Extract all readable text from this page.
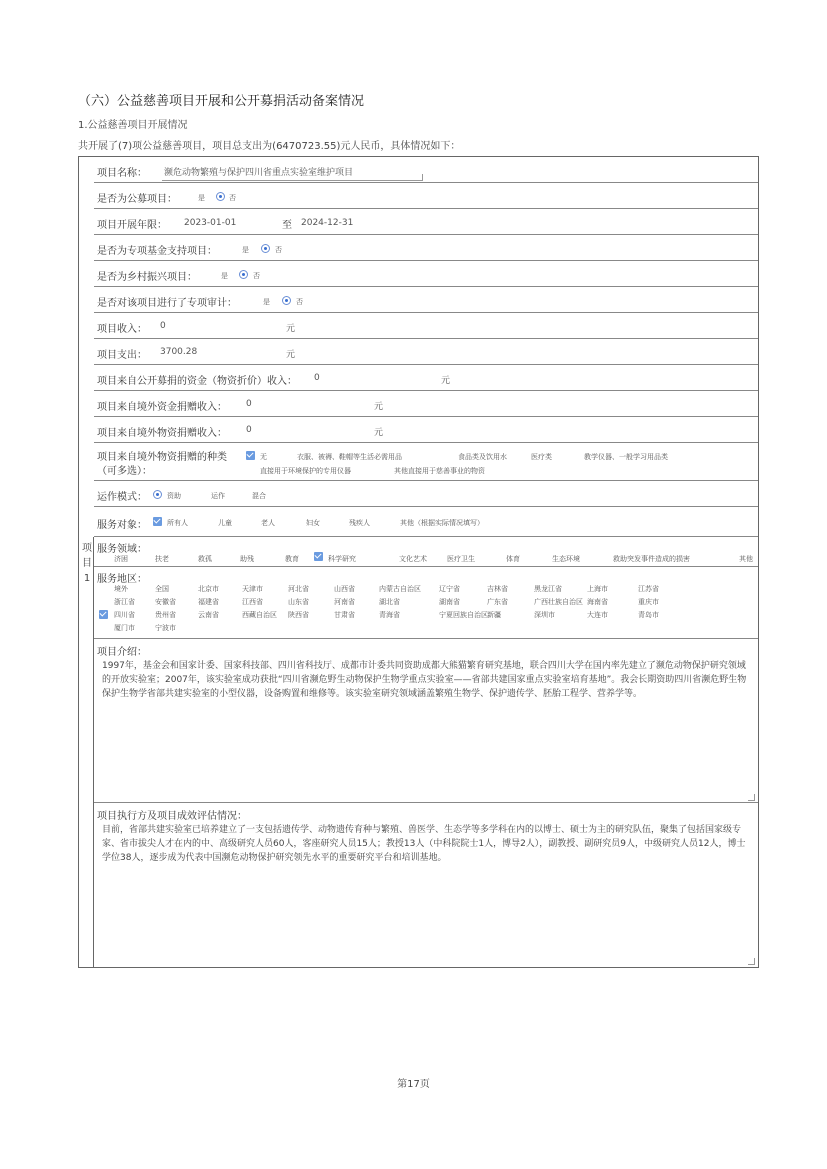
（六）公益慈善项目开展和公开募捐活动备案情况
1.公益慈善项目开展情况
共开展了(7)项公益慈善项目，项目总支出为(6470723.55)元人民币，具体情况如下：
项目1
项目名称： 濒危动物繁殖与保护四川省重点实验室维护项目
是否为公募项目：	是	否
项目开展年限： 2023-01-01	至 2024-12-31
是否为专项基金支持项目：	是	否
是否为乡村振兴项目：	是	否
是否对该项目进行了专项审计：	是	否
项目收入： 0	元
项目支出： 3700.28	元
项目来自公开募捐的资金（物资折价）收入： 0	元
项目来自境外资金捐赠收入： 0	元
项目来自境外物资捐赠收入： 0	元
项目来自境外物资捐赠的种类
（可多选）：
无	衣服、被褥、鞋帽等生活必需用品	食品类及饮用水	医疗类	教学仪器、一般学习用品类
直接用于环境保护的专用仪器	其他直接用于慈善事业的物资
运作模式：	资助	运作	混合
服务对象：	所有人	儿童	老人	妇女	残疾人	其他（根据实际情况填写）
服务领域：
济困	扶老	救孤	助残	教育	科学研究	文化艺术	医疗卫生	体育	生态环境	救助突发事件造成的损害	其他
服务地区：
境外	全国	北京市	天津市	河北省	山西省	内蒙古自治区	辽宁省	吉林省	黑龙江省	上海市	江苏省
浙江省	安徽省	福建省	江西省	山东省	河南省	湖北省	湖南省	广东省	广西壮族自治区 海南省	重庆市
四川省	贵州省	云南省	西藏自治区 陕西省	甘肃省	青海省	宁夏回族自治区 新疆	深圳市	大连市	青岛市
厦门市	宁波市
项目介绍：
1997年，基金会和国家计委、国家科技部、四川省科技厅、成都市计委共同资助成都大熊猫繁育研究基地，联合四川大学在国内率先建立了濒危动物保护研究领域的开放实验室；2007年，该实验室成功获批“四川省濒危野生动物保护生物学重点实验室——省部共建国家重点实验室培育基地”。我会长期资助四川省濒危野生物保护生物学省部共建实验室的小型仪器，设备购置和维修等。该实验室研究领域涵盖繁殖生物学、保护遗传学、胚胎工程学、营养学等。
项目执行方及项目成效评估情况：
目前，省部共建实验室已培养建立了一支包括遗传学、动物遗传育种与繁殖、兽医学、生态学等多学科在内的以博士、硕士为主的研究队伍，聚集了包括国家级专家、省市拔尖人才在内的中、高级研究人员60人，客座研究人员15人；教授13人（中科院院士1人，博导2人），副教授、副研究员9人，中级研究人员12人，博士学位38人，逐步成为代表中国濒危动物保护研究领先水平的重要研究平台和培训基地。
第17页
